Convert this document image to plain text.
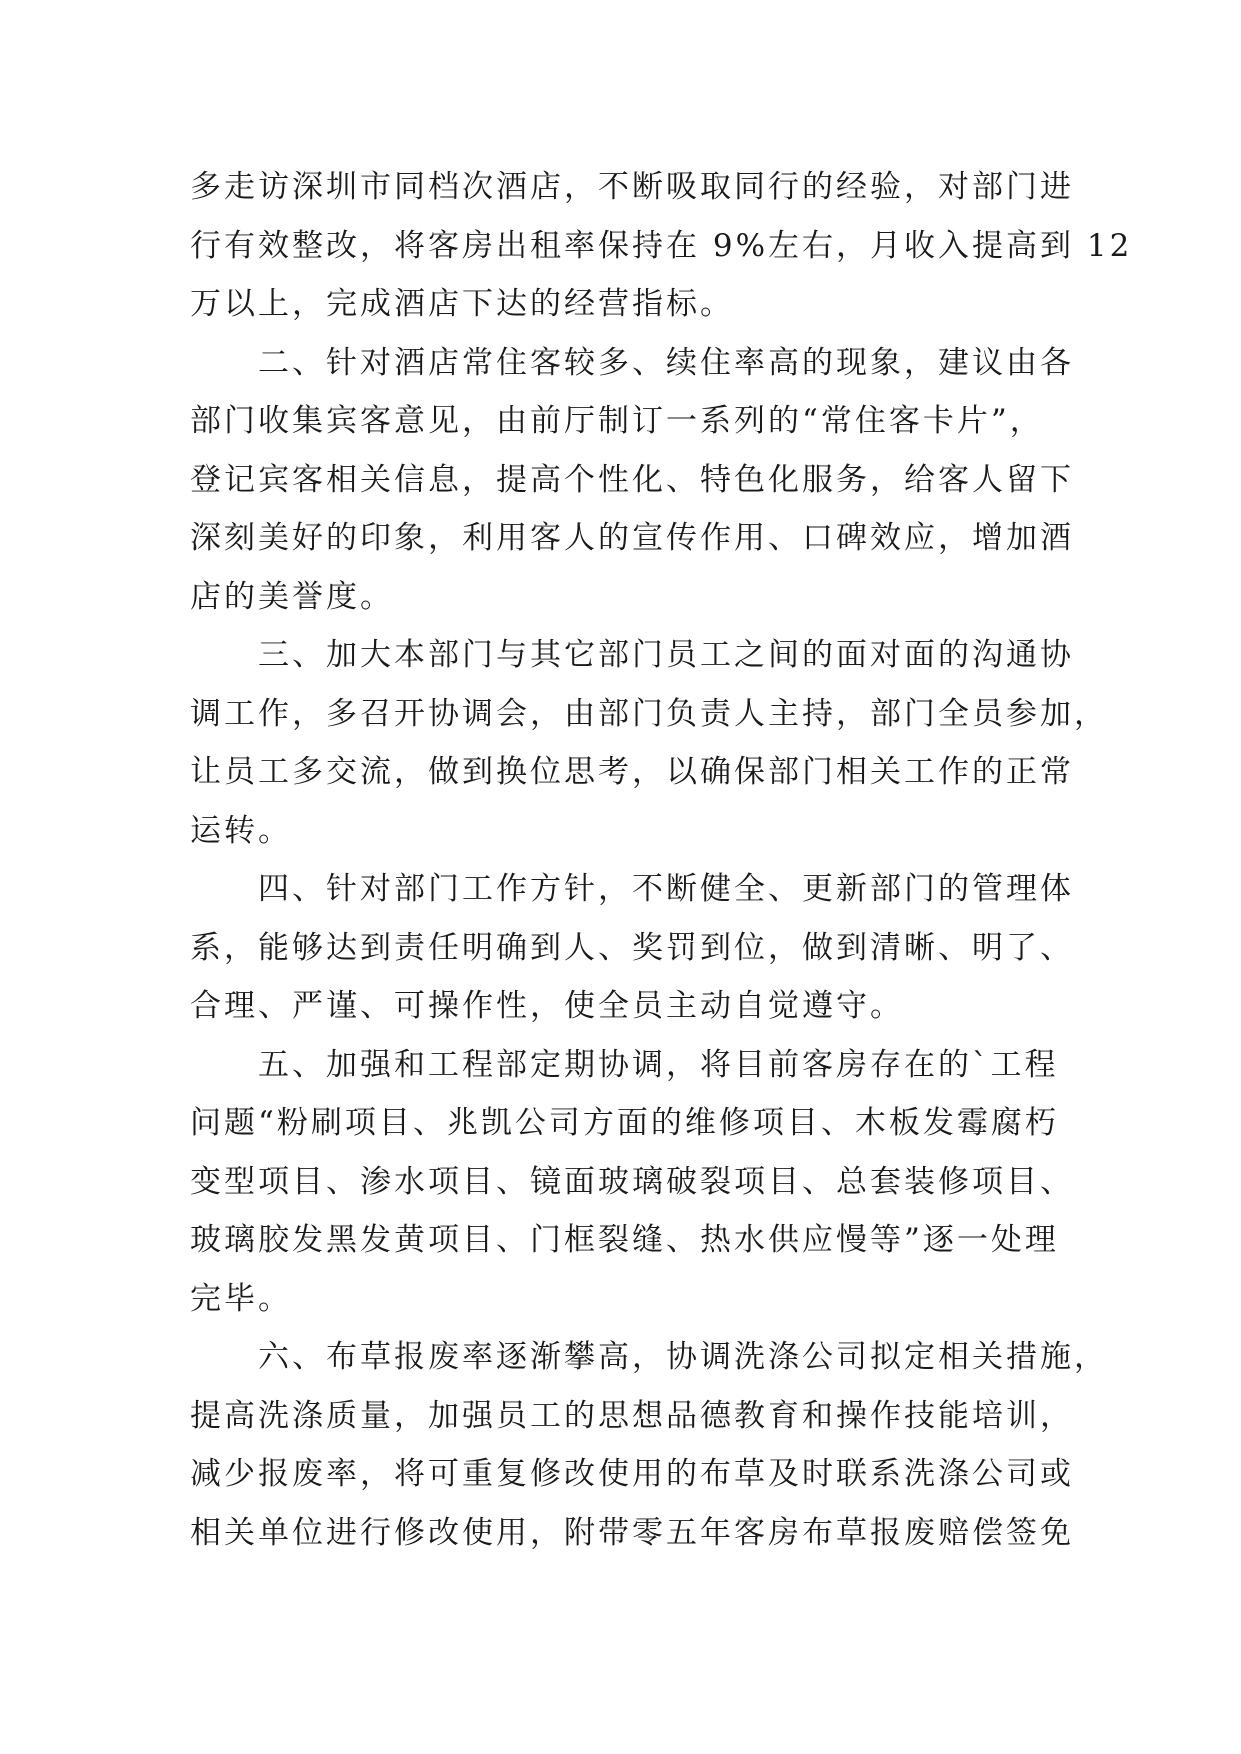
多走访深圳市同档次酒店，不断吸取同行的经验，对部门进
行有效整改，将客房出租率保持在 9%左右，月收入提高到 12
万以上，完成酒店下达的经营指标。
　　二、针对酒店常住客较多、续住率高的现象，建议由各
部门收集宾客意见，由前厅制订一系列的“常住客卡片”，
登记宾客相关信息，提高个性化、特色化服务，给客人留下
深刻美好的印象，利用客人的宣传作用、口碑效应，增加酒
店的美誉度。
　　三、加大本部门与其它部门员工之间的面对面的沟通协
调工作，多召开协调会，由部门负责人主持，部门全员参加，
让员工多交流，做到换位思考，以确保部门相关工作的正常
运转。
　　四、针对部门工作方针，不断健全、更新部门的管理体
系，能够达到责任明确到人、奖罚到位，做到清晰、明了、
合理、严谨、可操作性，使全员主动自觉遵守。
　　五、加强和工程部定期协调，将目前客房存在的`工程
问题“粉刷项目、兆凯公司方面的维修项目、木板发霉腐朽
变型项目、渗水项目、镜面玻璃破裂项目、总套装修项目、
玻璃胶发黑发黄项目、门框裂缝、热水供应慢等”逐一处理
完毕。
　　六、布草报废率逐渐攀高，协调洗涤公司拟定相关措施，
提高洗涤质量，加强员工的思想品德教育和操作技能培训，
减少报废率，将可重复修改使用的布草及时联系洗涤公司或
相关单位进行修改使用，附带零五年客房布草报废赔偿签免
